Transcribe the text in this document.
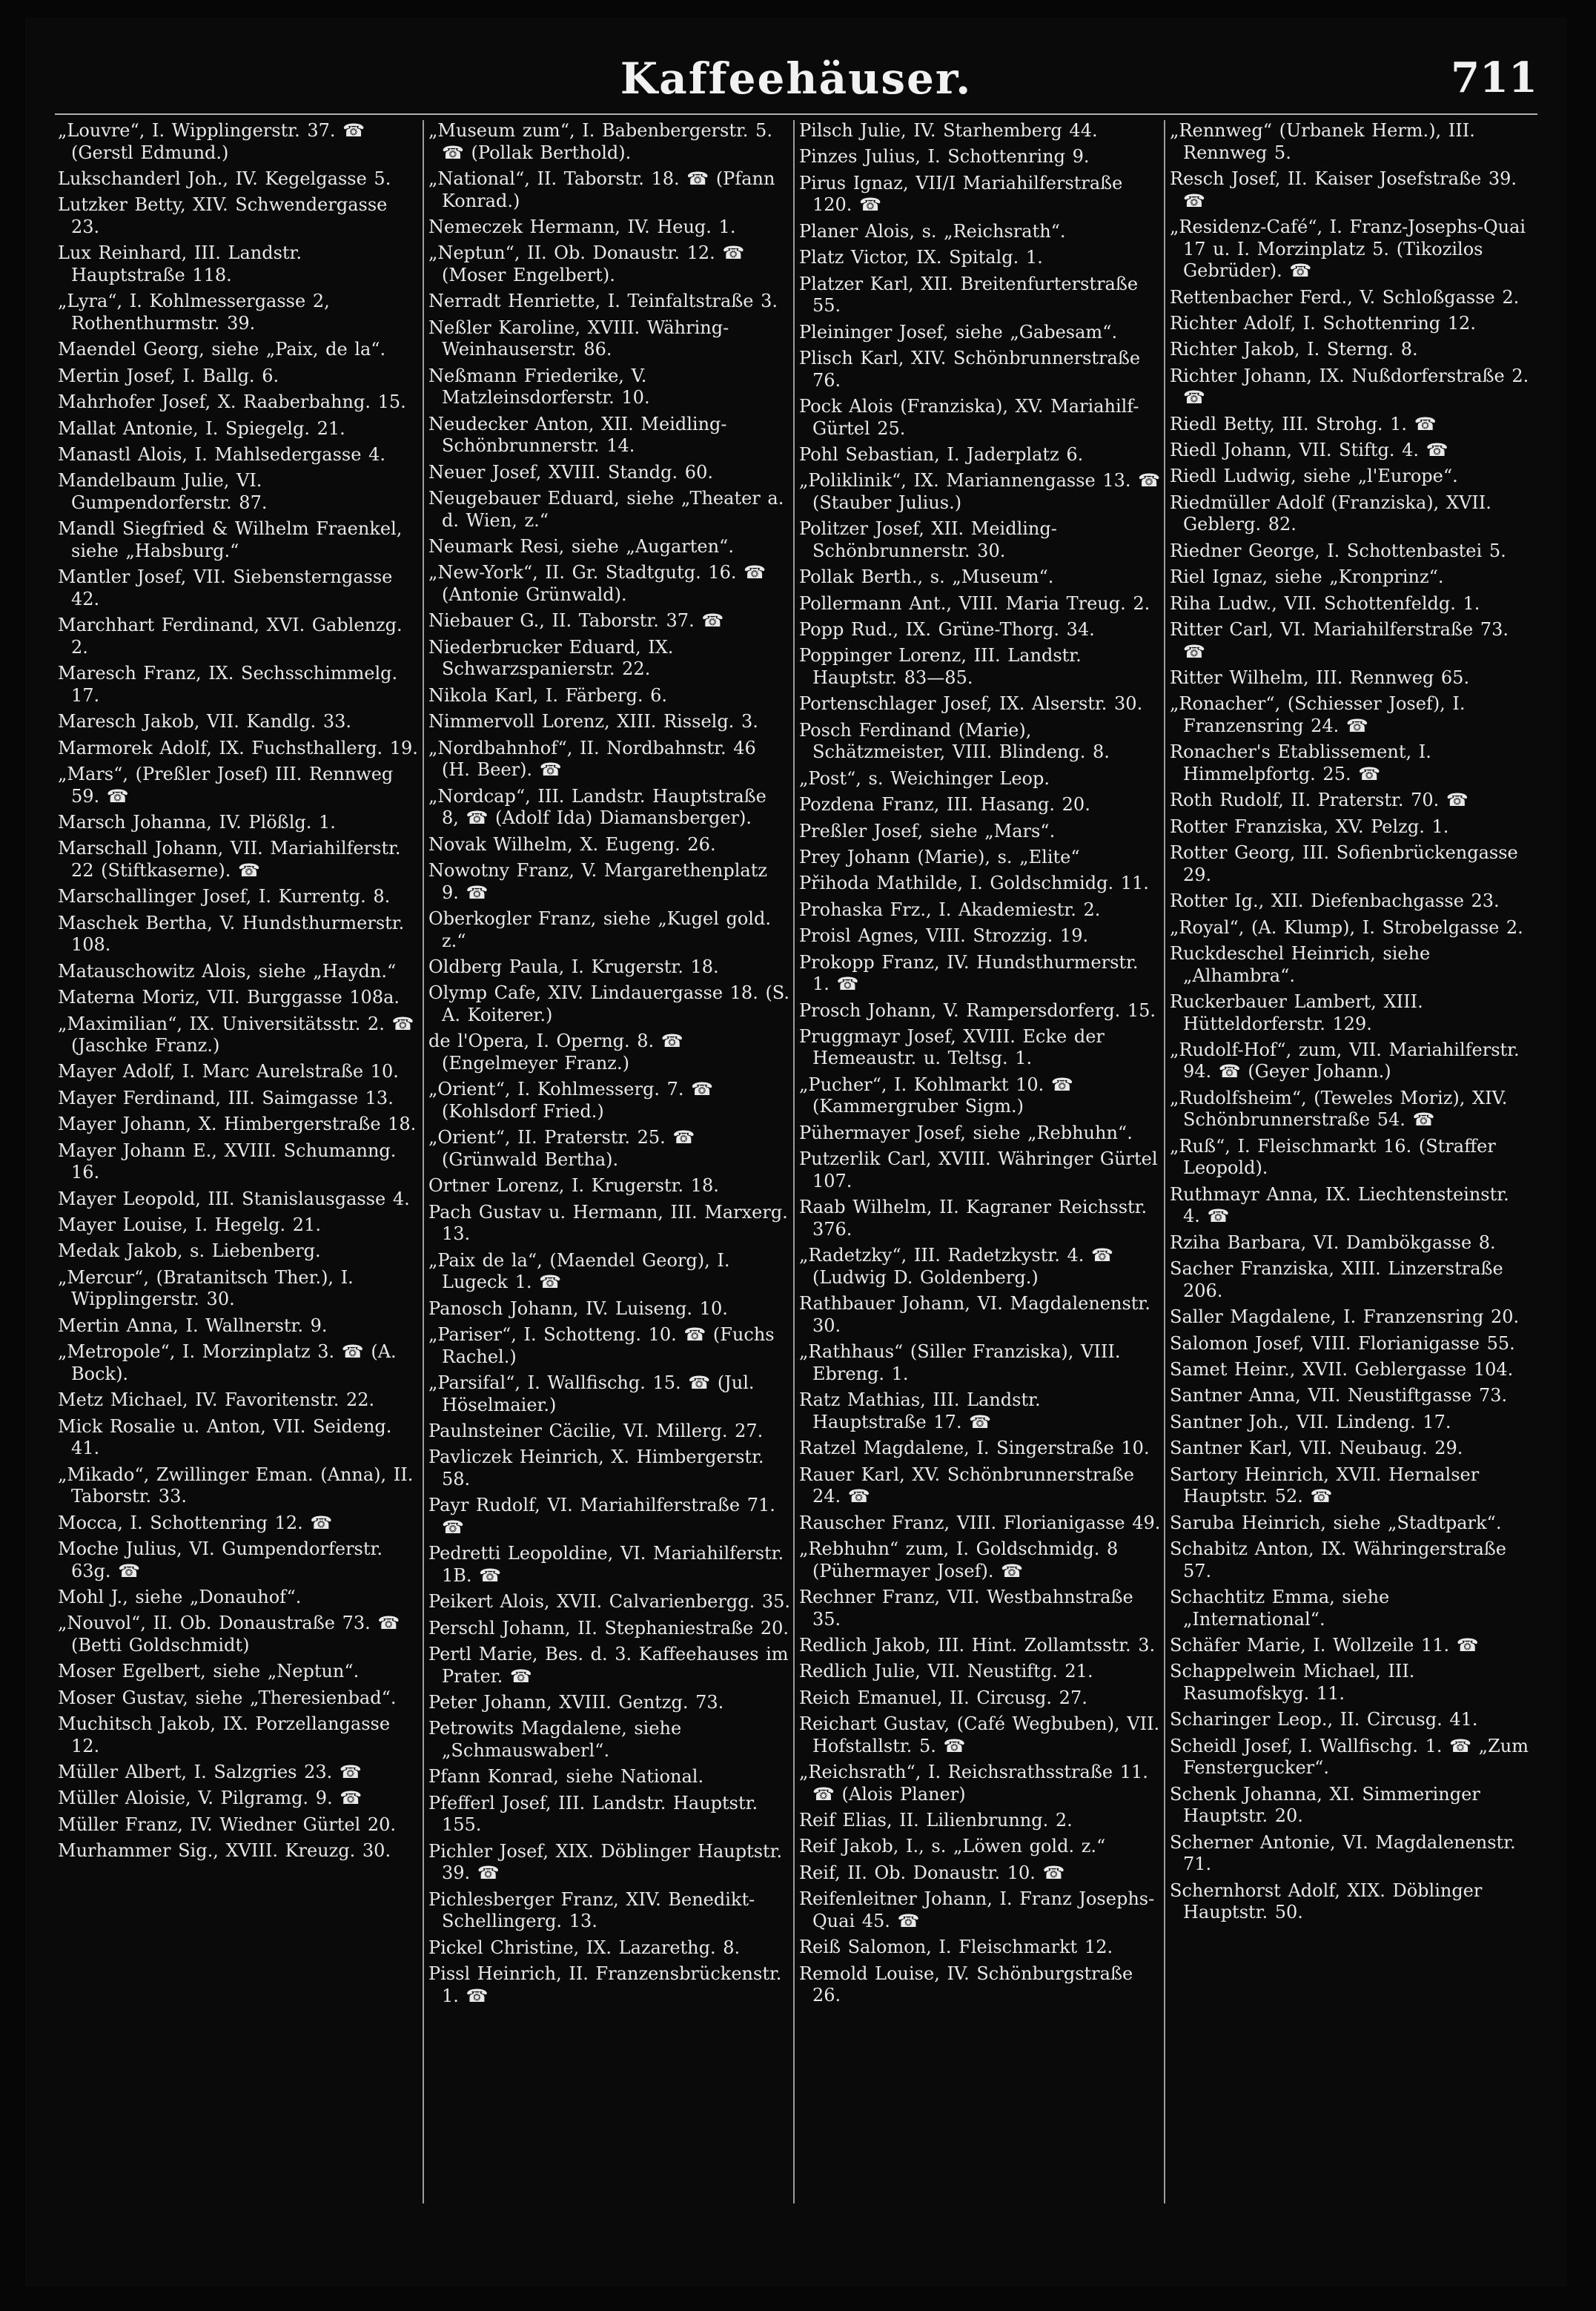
Kaffeehäuser.	711

„Louvre“, I. Wipplingerstr. 37. ☎ (Gerstl Edmund.)

Lukschanderl Joh., IV. Kegelgasse 5.

Lutzker Betty, XIV. Schwendergasse 23.

Lux Reinhard, III. Landstr. Hauptstraße 118.

„Lyra“, I. Kohlmessergasse 2, Rothenthurmstr. 39.

Maendel Georg, siehe „Paix, de la“.

Mertin Josef, I. Ballg. 6.

Mahrhofer Josef, X. Raaberbahng. 15.

Mallat Antonie, I. Spiegelg. 21.

Manastl Alois, I. Mahlsedergasse 4.

Mandelbaum Julie, VI. Gumpendorferstr. 87.

Mandl Siegfried & Wilhelm Fraenkel, siehe „Habsburg.“

Mantler Josef, VII. Siebensterngasse 42.

Marchhart Ferdinand, XVI. Gablenzg. 2.

Maresch Franz, IX. Sechsschimmelg. 17.

Maresch Jakob, VII. Kandlg. 33.

Marmorek Adolf, IX. Fuchsthallerg. 19.

„Mars“, (Preßler Josef) III. Rennweg 59. ☎

Marsch Johanna, IV. Plößlg. 1.

Marschall Johann, VII. Mariahilferstr. 22 (Stiftkaserne). ☎

Marschallinger Josef, I. Kurrentg. 8.

Maschek Bertha, V. Hundsthurmerstr. 108.

Matauschowitz Alois, siehe „Haydn.“

Materna Moriz, VII. Burggasse 108a.

„Maximilian“, IX. Universitätsstr. 2. ☎ (Jaschke Franz.)

Mayer Adolf, I. Marc Aurelstraße 10.

Mayer Ferdinand, III. Saimgasse 13.

Mayer Johann, X. Himbergerstraße 18.

Mayer Johann E., XVIII. Schumanng. 16.

Mayer Leopold, III. Stanislausgasse 4.

Mayer Louise, I. Hegelg. 21.

Medak Jakob, s. Liebenberg.

„Mercur“, (Bratanitsch Ther.), I. Wipplingerstr. 30.

Mertin Anna, I. Wallnerstr. 9.

„Metropole“, I. Morzinplatz 3. ☎ (A. Bock).

Metz Michael, IV. Favoritenstr. 22.

Mick Rosalie u. Anton, VII. Seideng. 41.

„Mikado“, Zwillinger Eman. (Anna), II. Taborstr. 33.

Mocca, I. Schottenring 12. ☎

Moche Julius, VI. Gumpendorferstr. 63g. ☎

Mohl J., siehe „Donauhof“.

„Nouvol“, II. Ob. Donaustraße 73. ☎ (Betti Goldschmidt)

Moser Egelbert, siehe „Neptun“.

Moser Gustav, siehe „Theresienbad“.

Muchitsch Jakob, IX. Porzellangasse 12.

Müller Albert, I. Salzgries 23. ☎

Müller Aloisie, V. Pilgramg. 9. ☎

Müller Franz, IV. Wiedner Gürtel 20.

Murhammer Sig., XVIII. Kreuzg. 30.

„Museum zum“, I. Babenbergerstr. 5. ☎ (Pollak Berthold).

„National“, II. Taborstr. 18. ☎ (Pfann Konrad.)

Nemeczek Hermann, IV. Heug. 1.

„Neptun“, II. Ob. Donaustr. 12. ☎ (Moser Engelbert).

Nerradt Henriette, I. Teinfaltstraße 3.

Neßler Karoline, XVIII. Währing-Weinhauserstr. 86.

Neßmann Friederike, V. Matzleinsdorferstr. 10.

Neudecker Anton, XII. Meidling-Schönbrunnerstr. 14.

Neuer Josef, XVIII. Standg. 60.

Neugebauer Eduard, siehe „Theater a. d. Wien, z.“

Neumark Resi, siehe „Augarten“.

„New-York“, II. Gr. Stadtgutg. 16. ☎ (Antonie Grünwald).

Niebauer G., II. Taborstr. 37. ☎

Niederbrucker Eduard, IX. Schwarzspanierstr. 22.

Nikola Karl, I. Färberg. 6.

Nimmervoll Lorenz, XIII. Risselg. 3.

„Nordbahnhof“, II. Nordbahnstr. 46 (H. Beer). ☎

„Nordcap“, III. Landstr. Hauptstraße 8, ☎ (Adolf Ida) Diamansberger).

Novak Wilhelm, X. Eugeng. 26.

Nowotny Franz, V. Margarethenplatz 9. ☎

Oberkogler Franz, siehe „Kugel gold. z.“

Oldberg Paula, I. Krugerstr. 18.

Olymp Cafe, XIV. Lindauergasse 18. (S. A. Koiterer.)

de l'Opera, I. Operng. 8. ☎ (Engelmeyer Franz.)

„Orient“, I. Kohlmesserg. 7. ☎ (Kohlsdorf Fried.)

„Orient“, II. Praterstr. 25. ☎ (Grünwald Bertha).

Ortner Lorenz, I. Krugerstr. 18.

Pach Gustav u. Hermann, III. Marxerg. 13.

„Paix de la“, (Maendel Georg), I. Lugeck 1. ☎

Panosch Johann, IV. Luiseng. 10.

„Pariser“, I. Schotteng. 10. ☎ (Fuchs Rachel.)

„Parsifal“, I. Wallfischg. 15. ☎ (Jul. Höselmaier.)

Paulnsteiner Cäcilie, VI. Millerg. 27.

Pavliczek Heinrich, X. Himbergerstr. 58.

Payr Rudolf, VI. Mariahilferstraße 71. ☎

Pedretti Leopoldine, VI. Mariahilferstr. 1B. ☎

Peikert Alois, XVII. Calvarienbergg. 35.

Perschl Johann, II. Stephaniestraße 20.

Pertl Marie, Bes. d. 3. Kaffeehauses im Prater. ☎

Peter Johann, XVIII. Gentzg. 73.

Petrowits Magdalene, siehe „Schmauswaberl“.

Pfann Konrad, siehe National.

Pfefferl Josef, III. Landstr. Hauptstr. 155.

Pichler Josef, XIX. Döblinger Hauptstr. 39. ☎

Pichlesberger Franz, XIV. Benedikt-Schellingerg. 13.

Pickel Christine, IX. Lazarethg. 8.

Pissl Heinrich, II. Franzensbrückenstr. 1. ☎

Pilsch Julie, IV. Starhemberg 44.

Pinzes Julius, I. Schottenring 9.

Pirus Ignaz, VII/I Mariahilferstraße 120. ☎

Planer Alois, s. „Reichsrath“.

Platz Victor, IX. Spitalg. 1.

Platzer Karl, XII. Breitenfurterstraße 55.

Pleininger Josef, siehe „Gabesam“.

Plisch Karl, XIV. Schönbrunnerstraße 76.

Pock Alois (Franziska), XV. Mariahilf-Gürtel 25.

Pohl Sebastian, I. Jaderplatz 6.

„Poliklinik“, IX. Mariannengasse 13. ☎ (Stauber Julius.)

Politzer Josef, XII. Meidling-Schönbrunnerstr. 30.

Pollak Berth., s. „Museum“.

Pollermann Ant., VIII. Maria Treug. 2.

Popp Rud., IX. Grüne-Thorg. 34.

Poppinger Lorenz, III. Landstr. Hauptstr. 83—85.

Portenschlager Josef, IX. Alserstr. 30.

Posch Ferdinand (Marie), Schätzmeister, VIII. Blindeng. 8.

„Post“, s. Weichinger Leop.

Pozdena Franz, III. Hasang. 20.

Preßler Josef, siehe „Mars“.

Prey Johann (Marie), s. „Elite“

Přihoda Mathilde, I. Goldschmidg. 11.

Prohaska Frz., I. Akademiestr. 2.

Proisl Agnes, VIII. Strozzig. 19.

Prokopp Franz, IV. Hundsthurmerstr. 1. ☎

Prosch Johann, V. Rampersdorferg. 15.

Pruggmayr Josef, XVIII. Ecke der Hemeaustr. u. Teltsg. 1.

„Pucher“, I. Kohlmarkt 10. ☎ (Kammergruber Sigm.)

Pühermayer Josef, siehe „Rebhuhn“.

Putzerlik Carl, XVIII. Währinger Gürtel 107.

Raab Wilhelm, II. Kagraner Reichsstr. 376.

„Radetzky“, III. Radetzkystr. 4. ☎ (Ludwig D. Goldenberg.)

Rathbauer Johann, VI. Magdalenenstr. 30.

„Rathhaus“ (Siller Franziska), VIII. Ebreng. 1.

Ratz Mathias, III. Landstr. Hauptstraße 17. ☎

Ratzel Magdalene, I. Singerstraße 10.

Rauer Karl, XV. Schönbrunnerstraße 24. ☎

Rauscher Franz, VIII. Florianigasse 49.

„Rebhuhn“ zum, I. Goldschmidg. 8 (Pühermayer Josef). ☎

Rechner Franz, VII. Westbahnstraße 35.

Redlich Jakob, III. Hint. Zollamtsstr. 3.

Redlich Julie, VII. Neustiftg. 21.

Reich Emanuel, II. Circusg. 27.

Reichart Gustav, (Café Wegbuben), VII. Hofstallstr. 5. ☎

„Reichsrath“, I. Reichsrathsstraße 11. ☎ (Alois Planer)

Reif Elias, II. Lilienbrunng. 2.

Reif Jakob, I., s. „Löwen gold. z.“

Reif, II. Ob. Donaustr. 10. ☎

Reifenleitner Johann, I. Franz Josephs-Quai 45. ☎

Reiß Salomon, I. Fleischmarkt 12.

Remold Louise, IV. Schönburgstraße 26.

„Rennweg“ (Urbanek Herm.), III. Rennweg 5.

Resch Josef, II. Kaiser Josefstraße 39. ☎

„Residenz-Café“, I. Franz-Josephs-Quai 17 u. I. Morzinplatz 5. (Tikozilos Gebrüder). ☎

Rettenbacher Ferd., V. Schloßgasse 2.

Richter Adolf, I. Schottenring 12.

Richter Jakob, I. Sterng. 8.

Richter Johann, IX. Nußdorferstraße 2. ☎

Riedl Betty, III. Strohg. 1. ☎

Riedl Johann, VII. Stiftg. 4. ☎

Riedl Ludwig, siehe „l'Europe“.

Riedmüller Adolf (Franziska), XVII. Geblerg. 82.

Riedner George, I. Schottenbastei 5.

Riel Ignaz, siehe „Kronprinz“.

Riha Ludw., VII. Schottenfeldg. 1.

Ritter Carl, VI. Mariahilferstraße 73. ☎

Ritter Wilhelm, III. Rennweg 65.

„Ronacher“, (Schiesser Josef), I. Franzensring 24. ☎

Ronacher's Etablissement, I. Himmelpfortg. 25. ☎

Roth Rudolf, II. Praterstr. 70. ☎

Rotter Franziska, XV. Pelzg. 1.

Rotter Georg, III. Sofienbrückengasse 29.

Rotter Ig., XII. Diefenbachgasse 23.

„Royal“, (A. Klump), I. Strobelgasse 2.

Ruckdeschel Heinrich, siehe „Alhambra“.

Ruckerbauer Lambert, XIII. Hütteldorferstr. 129.

„Rudolf-Hof“, zum, VII. Mariahilferstr. 94. ☎ (Geyer Johann.)

„Rudolfsheim“, (Teweles Moriz), XIV. Schönbrunnerstraße 54. ☎

„Ruß“, I. Fleischmarkt 16. (Straffer Leopold).

Ruthmayr Anna, IX. Liechtensteinstr. 4. ☎

Rziha Barbara, VI. Dambökgasse 8.

Sacher Franziska, XIII. Linzerstraße 206.

Saller Magdalene, I. Franzensring 20.

Salomon Josef, VIII. Florianigasse 55.

Samet Heinr., XVII. Geblergasse 104.

Santner Anna, VII. Neustiftgasse 73.

Santner Joh., VII. Lindeng. 17.

Santner Karl, VII. Neubaug. 29.

Sartory Heinrich, XVII. Hernalser Hauptstr. 52. ☎

Saruba Heinrich, siehe „Stadtpark“.

Schabitz Anton, IX. Währingerstraße 57.

Schachtitz Emma, siehe „International“.

Schäfer Marie, I. Wollzeile 11. ☎

Schappelwein Michael, III. Rasumofskyg. 11.

Scharinger Leop., II. Circusg. 41.

Scheidl Josef, I. Wallfischg. 1. ☎ „Zum Fenstergucker“.

Schenk Johanna, XI. Simmeringer Hauptstr. 20.

Scherner Antonie, VI. Magdalenenstr. 71.

Schernhorst Adolf, XIX. Döblinger Hauptstr. 50.
